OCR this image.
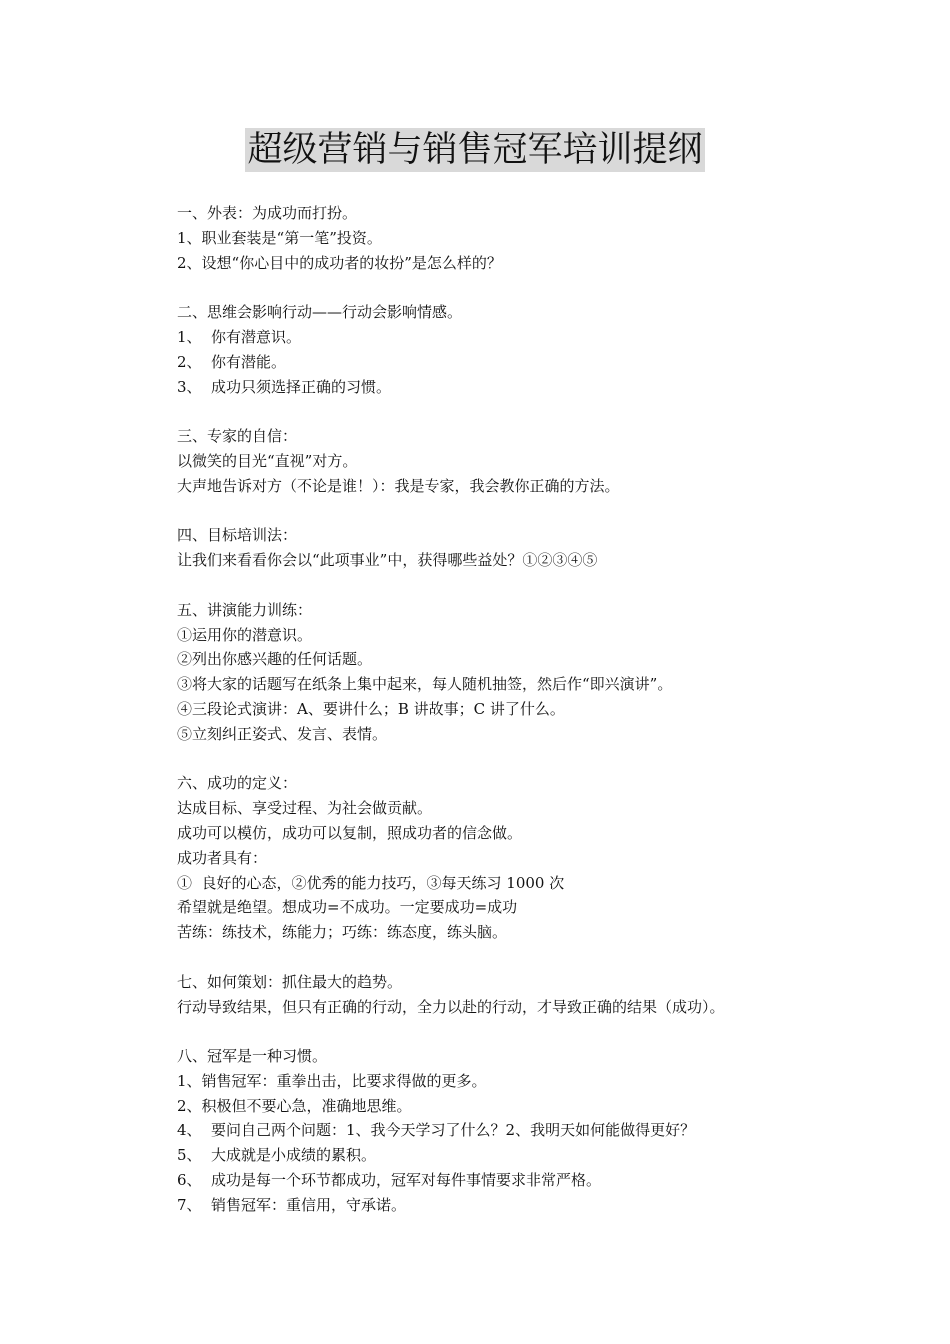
超级营销与销售冠军培训提纲
一、外表：为成功而打扮。
1、职业套装是“第一笔”投资。
2、设想“你心目中的成功者的妆扮”是怎么样的？
二、思维会影响行动——行动会影响情感。
1、 你有潜意识。
2、 你有潜能。
3、 成功只须选择正确的习惯。
三、专家的自信：
以微笑的目光“直视”对方。
大声地告诉对方（不论是谁！）：我是专家，我会教你正确的方法。
四、目标培训法：
让我们来看看你会以“此项事业”中，获得哪些益处？①②③④⑤
五、讲演能力训练：
①运用你的潜意识。
②列出你感兴趣的任何话题。
③将大家的话题写在纸条上集中起来，每人随机抽签，然后作“即兴演讲”。
④三段论式演讲：A、要讲什么；B 讲故事；C 讲了什么。
⑤立刻纠正姿式、发言、表情。
六、成功的定义：
达成目标、享受过程、为社会做贡献。
成功可以模仿，成功可以复制，照成功者的信念做。
成功者具有：
①  良好的心态，②优秀的能力技巧，③每天练习 1000 次
希望就是绝望。想成功=不成功。一定要成功=成功
苦练：练技术，练能力；巧练：练态度，练头脑。
七、如何策划：抓住最大的趋势。
行动导致结果，但只有正确的行动，全力以赴的行动，才导致正确的结果（成功）。
八、冠军是一种习惯。
1、销售冠军：重拳出击，比要求得做的更多。
2、积极但不要心急，准确地思维。
4、 要问自己两个问题：1、我今天学习了什么？2、我明天如何能做得更好？
5、 大成就是小成绩的累积。
6、 成功是每一个环节都成功，冠军对每件事情要求非常严格。
7、 销售冠军：重信用，守承诺。
